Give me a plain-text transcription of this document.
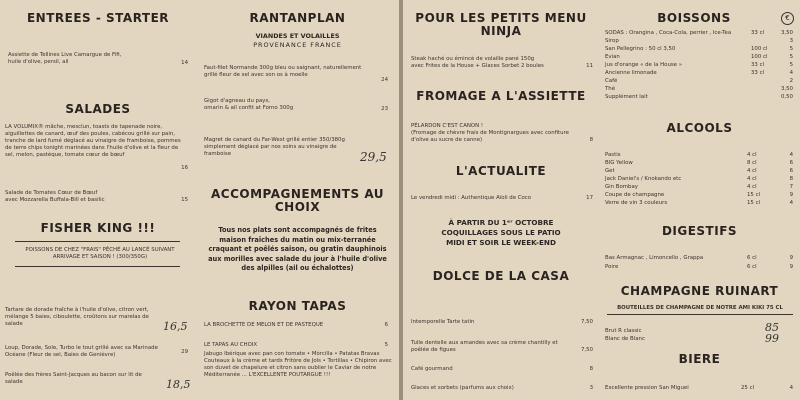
ENTREES - STARTER
Assiette de Tellines Live Camargue de Fifi,
huile d'olive, persil, ail	14
SALADES
LA VOLUMIX® mâche, mesclun, toasts de tapenade noire, aiguillettes de canard, œuf des poules, cabécou grillé sur pain, tranche de lard fumé déglacé au vinaigre de framboise, pommes de terre chips tonight marinées dans l'huile d'olive et la fleur de sel, melon, pastèque, tomate cœur de bœuf
16
Salade de Tomates Cœur de Bœuf
avec Mozzarella Buffala-Bill et basilic	15
FISHER KING !!!
POISSONS DE CHEZ "FRAIS" PÊCHÉ AU LANCÉ SUIVANT ARRIVAGE ET SAISON ! (300/350G)
Tartare de dorade fraîche à l'huile d'olive, citron vert, mélange 5 baies, ciboulette, croûtons sur marelas de salade	16,5
Loup, Dorade, Sole, Turbo le tout grillé avec sa Marinade Océane (Fleur de sel, Baies de Genièvre)	29
Poêlée des frères Saint-Jacques au bacon sur lit de salade	18,5
RANTANPLAN
VIANDES ET VOLAILLES
PROVENANCE FRANCE
Faut-filet Normande 300g bleu ou saignant, naturellement grillé fleur de sel avec son os à moelle
24
Gigot d'agneau du pays,
omarin & ail confit at Forno 300g	23
Magret de canard du Far-West grillé entier 350/380g simplement déglacé par nos soins au vinaigre de framboise	29,5
ACCOMPAGNEMENTS AU CHOIX
Tous nos plats sont accompagnés de frites maison fraîches du matin ou mix-terranée craquant et poêlés saison, ou gratin dauphinois aux morilles avec salade du jour à l'huile d'olive des alpilles (ail ou échalottes)
RAYON TAPAS
LA BROCHETTE DE MELON ET DE PASTEQUE	6
LE TAPAS AU CHOIX	5
Jabugo Ibérique avec pan con tomate • Mòrcilla • Patatas Bravas Couteaux à la crème et tards Fritòre de Jols • Tortillas • Chipiron avec son duvet de chapelure et citron sans oublier le Caviar de notre Méditerranée ... L'EXCELLENTE POUTARGUE !!!
POUR LES PETITS MENU NINJA
Steak haché ou émincé de volaille pané 150g
avec Frites de la House + Glaces Sorbet 2 boules	11
FROMAGE A L'ASSIETTE
PÉLARDON C'EST CANON !
(Fromage de chèvre frais de Montignargues avec confiture d'olive au sucre de canne)	8
L'ACTUALITE
Le vendredi midi : Authentique Aïoli de Coco	17
À PARTIR DU 1ᵉʳ OCTOBRE
COQUILLAGES SOUS LE PATIO
MIDI ET SOIR LE WEEK-END
DOLCE DE LA CASA
Intemporelle Tarte tatin	7,50
Tulle dentelle aux amandes avec sa crème chantilly et poêlée de figues	7,50
Café gourmand	8
Glaces et sorbets (parfums aux choix)	3
BOISSONS	€
SODAS : Orangina , Coca-Cola, perrier , Ice-Tea	33 cl	3,50
Sirop	3
San Pellegrino : 50 cl 3,50	100 cl	5
Evian	100 cl	5
Jus d'orange « de la House »	33 cl	5
Ancienne limonade	33 cl	4
Café	2
Thé	3,50
Supplément lait	0,50
ALCOOLS
Pastis	4 cl	4
BIG Yellow	8 cl	6
Get	4 cl	6
Jack Daniel's / Knokando etc	4 cl	8
Gin Bombay	4 cl	7
Coupe de champagne	15 cl	9
Verre de vin 3 couleurs	15 cl	4
DIGESTIFS
Bas Armagnac , Limoncello , Grappa	6 cl	9
Poire	6 cl	9
CHAMPAGNE RUINART
BOUTEILLES DE CHAMPAGNE DE NOTRE AMI KIKI 75 CL
Brut R classic	85
Blanc de Blanc	99
BIERE
Excellente pression San Miguel	25 cl	4
